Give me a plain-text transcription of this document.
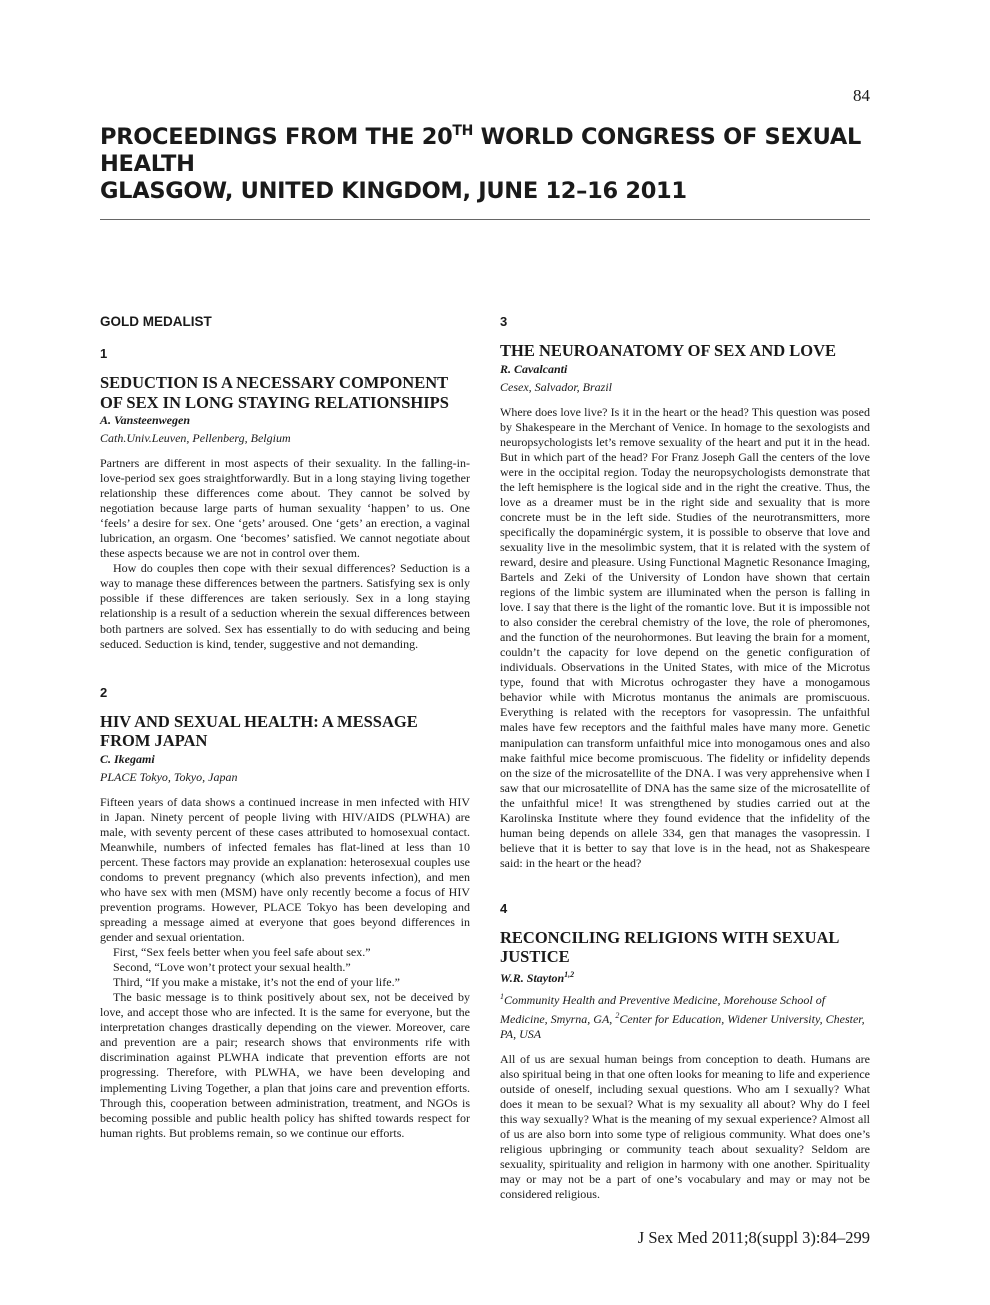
84
PROCEEDINGS FROM THE 20TH WORLD CONGRESS OF SEXUAL HEALTH
GLASGOW, UNITED KINGDOM, JUNE 12–16 2011
GOLD MEDALIST
1
SEDUCTION IS A NECESSARY COMPONENT OF SEX IN LONG STAYING RELATIONSHIPS
A. Vansteenwegen
Cath.Univ.Leuven, Pellenberg, Belgium

Partners are different in most aspects of their sexuality. In the falling-in-love-period sex goes straightforwardly. But in a long staying living together relationship these differences come about. They cannot be solved by negotiation because large parts of human sexuality ‘happen’ to us. One ‘feels’ a desire for sex. One ‘gets’ aroused. One ‘gets’ an erection, a vaginal lubrication, an orgasm. One ‘becomes’ satisfied. We cannot negotiate about these aspects because we are not in control over them.

How do couples then cope with their sexual differences? Seduction is a way to manage these differences between the partners. Satisfying sex is only possible if these differences are taken seriously. Sex in a long staying relationship is a result of a seduction wherein the sexual differences between both partners are solved. Sex has essentially to do with seducing and being seduced. Seduction is kind, tender, suggestive and not demanding.

2
HIV AND SEXUAL HEALTH: A MESSAGE FROM JAPAN
C. Ikegami
PLACE Tokyo, Tokyo, Japan

Fifteen years of data shows a continued increase in men infected with HIV in Japan. Ninety percent of people living with HIV/AIDS (PLWHA) are male, with seventy percent of these cases attributed to homosexual contact. Meanwhile, numbers of infected females has flat-lined at less than 10 percent. These factors may provide an explanation: heterosexual couples use condoms to prevent pregnancy (which also prevents infection), and men who have sex with men (MSM) have only recently become a focus of HIV prevention programs. However, PLACE Tokyo has been developing and spreading a message aimed at everyone that goes beyond differences in gender and sexual orientation.

First, “Sex feels better when you feel safe about sex.”

Second, “Love won’t protect your sexual health.”

Third, “If you make a mistake, it’s not the end of your life.”

The basic message is to think positively about sex, not be deceived by love, and accept those who are infected. It is the same for everyone, but the interpretation changes drastically depending on the viewer. Moreover, care and prevention are a pair; research shows that environments rife with discrimination against PLWHA indicate that prevention efforts are not progressing. Therefore, with PLWHA, we have been developing and implementing Living Together, a plan that joins care and prevention efforts. Through this, cooperation between administration, treatment, and NGOs is becoming possible and public health policy has shifted towards respect for human rights. But problems remain, so we continue our efforts.

3
THE NEUROANATOMY OF SEX AND LOVE
R. Cavalcanti
Cesex, Salvador, Brazil

Where does love live? Is it in the heart or the head? This question was posed by Shakespeare in the Merchant of Venice. In homage to the sexologists and neuropsychologists let’s remove sexuality of the heart and put it in the head. But in which part of the head? For Franz Joseph Gall the centers of the love were in the occipital region. Today the neuropsychologists demonstrate that the left hemisphere is the logical side and in the right the creative. Thus, the love as a dreamer must be in the right side and sexuality that is more concrete must be in the left side. Studies of the neurotransmitters, more specifically the dopaminérgic system, it is possible to observe that love and sexuality live in the mesolimbic system, that it is related with the system of reward, desire and pleasure. Using Functional Magnetic Resonance Imaging, Bartels and Zeki of the University of London have shown that certain regions of the limbic system are illuminated when the person is falling in love. I say that there is the light of the romantic love. But it is impossible not to also consider the cerebral chemistry of the love, the role of pheromones, and the function of the neurohormones. But leaving the brain for a moment, couldn’t the capacity for love depend on the genetic configuration of individuals. Observations in the United States, with mice of the Microtus type, found that with Microtus ochrogaster they have a monogamous behavior while with Microtus montanus the animals are promiscuous. Everything is related with the receptors for vasopressin. The unfaithful males have few receptors and the faithful males have many more. Genetic manipulation can transform unfaithful mice into monogamous ones and also make faithful mice become promiscuous. The fidelity or infidelity depends on the size of the microsatellite of the DNA. I was very apprehensive when I saw that our microsatellite of DNA has the same size of the microsatellite of the unfaithful mice! It was strengthened by studies carried out at the Karolinska Institute where they found evidence that the infidelity of the human being depends on allele 334, gen that manages the vasopressin. I believe that it is better to say that love is in the head, not as Shakespeare said: in the heart or the head?

4
RECONCILING RELIGIONS WITH SEXUAL JUSTICE
W.R. Stayton$^{1,2}$
$^1$Community Health and Preventive Medicine, Morehouse School of Medicine, Smyrna, GA, $^2$Center for Education, Widener University, Chester, PA, USA

All of us are sexual human beings from conception to death. Humans are also spiritual being in that one often looks for meaning to life and experience outside of oneself, including sexual questions. Who am I sexually? What does it mean to be sexual? What is my sexuality all about? Why do I feel this way sexually? What is the meaning of my sexual experience? Almost all of us are also born into some type of religious community. What does one’s religious upbringing or community teach about sexuality? Seldom are sexuality, spirituality and religion in harmony with one another. Spirituality may or may not be a part of one’s vocabulary and may or may not be considered religious.

J Sex Med 2011;8(suppl 3):84–299
